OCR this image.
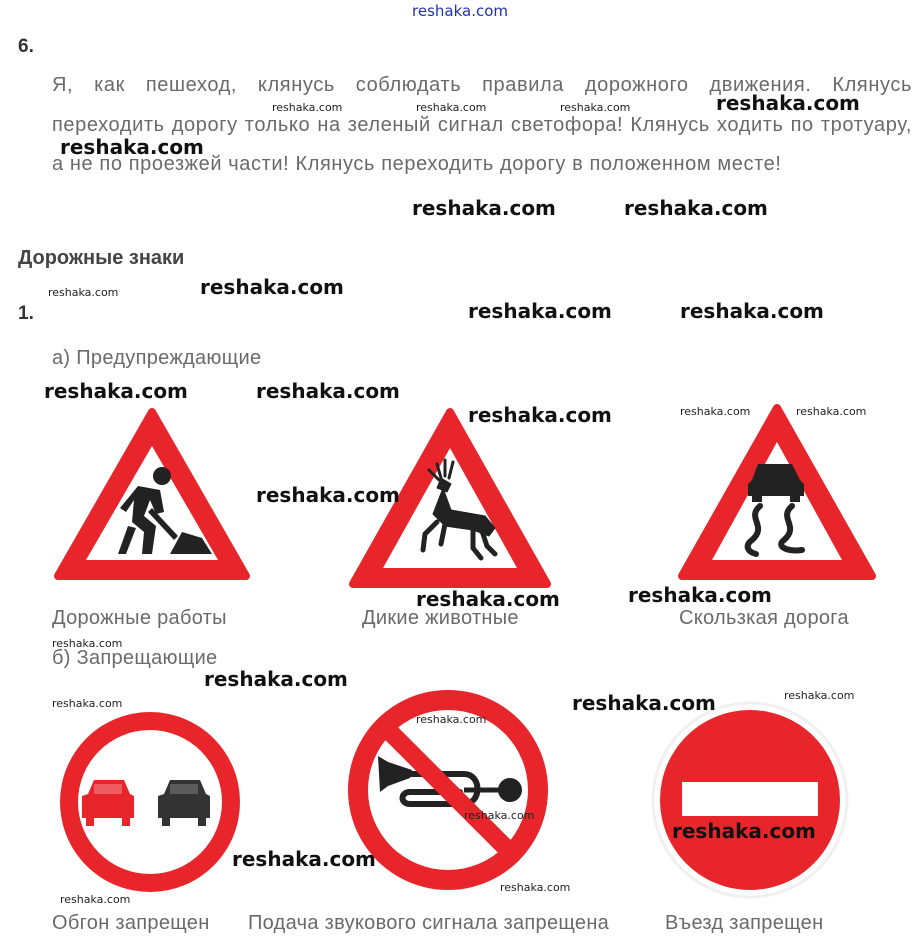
reshaka.com
6.
Я, как пешеход, клянусь соблюдать правила дорожного движения. Клянусь переходить дорогу только на зеленый сигнал светофора! Клянусь ходить по тротуару, а не по проезжей части! Клянусь переходить дорогу в положенном месте!
Дорожные знаки
1.
а) Предупреждающие
Дорожные работы	Дикие животные	Скользкая дорога
б) Запрещающие
Обгон запрещен Подача звукового сигнала запрещена	Въезд запрещен
reshaka.com	reshaka.com	reshaka.com	reshaka.com
reshaka.com
reshaka.com	reshaka.com
reshaka.com	reshaka.com
reshaka.com	reshaka.com
reshaka.com	reshaka.com
reshaka.com	reshaka.com	reshaka.com
reshaka.com
reshaka.com	reshaka.com
reshaka.com
reshaka.com
reshaka.com	reshaka.com	reshaka.com
reshaka.com
reshaka.com
reshaka.com
reshaka.com
reshaka.com
reshaka.com
